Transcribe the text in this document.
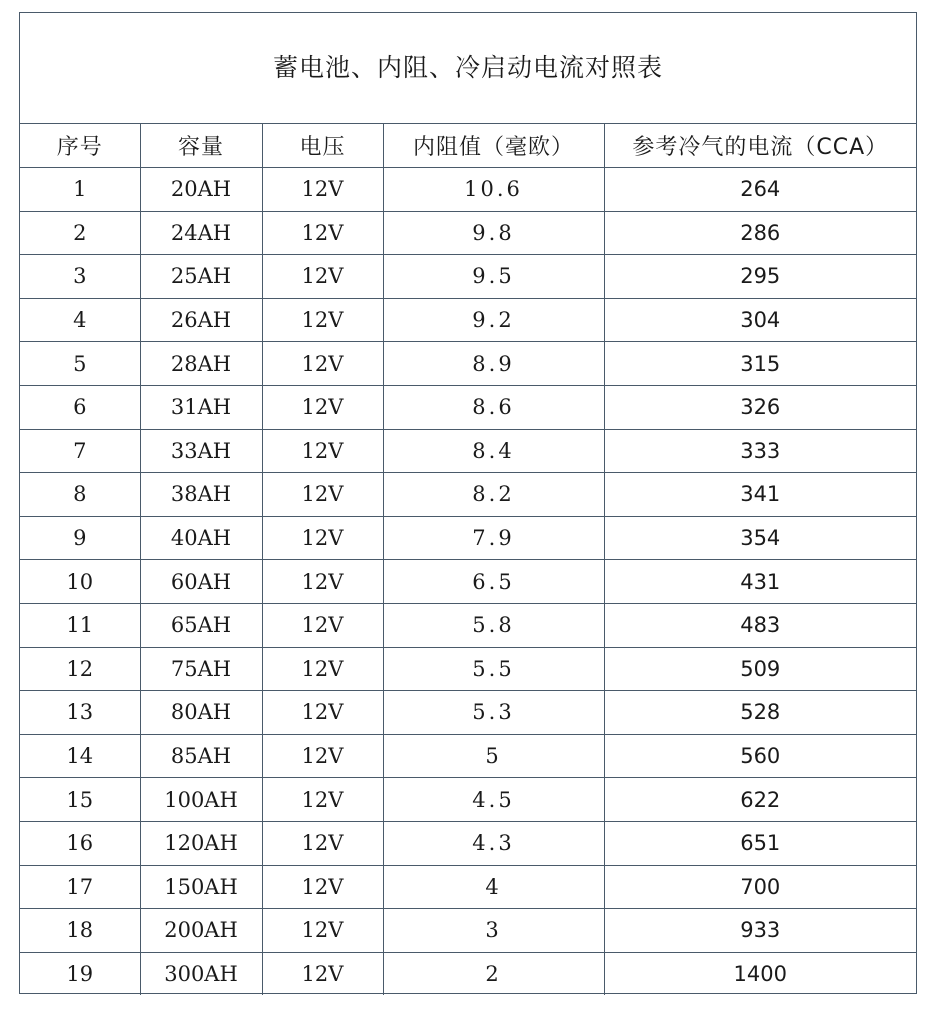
蓄电池、内阻、冷启动电流对照表
序号	容量	电压	内阻值（毫欧）	参考冷气的电流（CCA）
1	20AH	12V	10.6	264
2	24AH	12V	9.8	286
3	25AH	12V	9.5	295
4	26AH	12V	9.2	304
5	28AH	12V	8.9	315
6	31AH	12V	8.6	326
7	33AH	12V	8.4	333
8	38AH	12V	8.2	341
9	40AH	12V	7.9	354
10	60AH	12V	6.5	431
11	65AH	12V	5.8	483
12	75AH	12V	5.5	509
13	80AH	12V	5.3	528
14	85AH	12V	5	560
15	100AH	12V	4.5	622
16	120AH	12V	4.3	651
17	150AH	12V	4	700
18	200AH	12V	3	933
19	300AH	12V	2	1400
